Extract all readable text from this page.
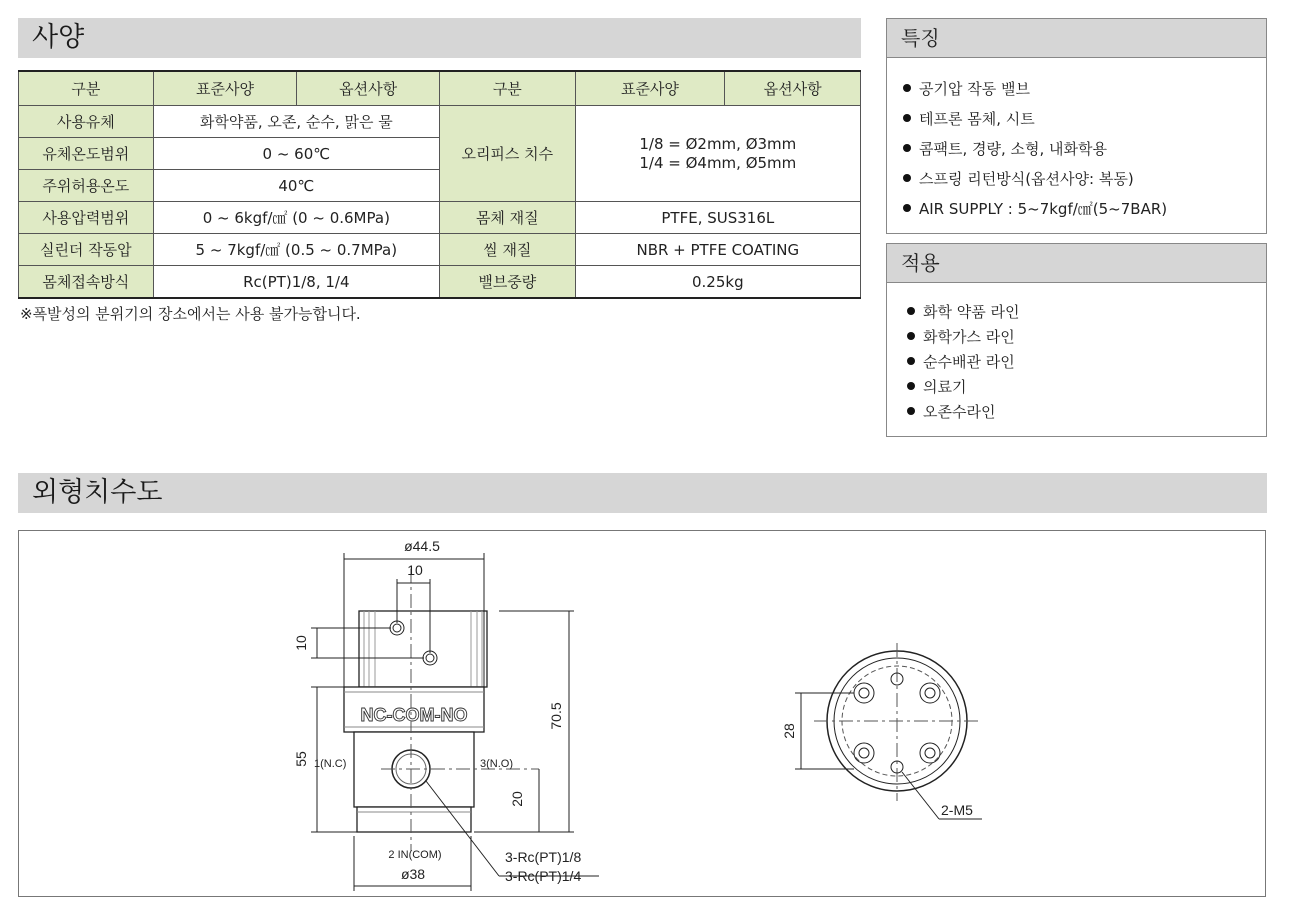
사양
구분	표준사양	옵션사항	구분	표준사양	옵션사항
사용유체	화학약품, 오존, 순수, 맑은 물		오리피스 치수	1/8 = Ø2mm, Ø3mm
1/4 = Ø4mm, Ø5mm	

유체온도범위	0 ~ 60℃				
주위허용온도	40℃				
사용압력범위	0 ~ 6kgf/㎠ (0 ~ 0.6MPa)		몸체 재질	PTFE, SUS316L	
실린더 작동압	5 ~ 7kgf/㎠ (0.5 ~ 0.7MPa)		씰 재질	NBR + PTFE COATING	
몸체접속방식	Rc(PT)1/8, 1/4		밸브중량	0.25kg	
※폭발성의 분위기의 장소에서는 사용 불가능합니다.
특징
공기압 작동 밸브
테프론 몸체, 시트
콤팩트, 경량, 소형, 내화학용
스프링 리턴방식(옵션사양: 복동)
AIR SUPPLY : 5~7kgf/㎠(5~7BAR)
적용
화학 약품 라인
화학가스 라인
순수배관 라인
의료기
오존수라인
외형치수도
ø44.5
10
10
55
70.5
20
1(N.C)	3(N.O)
2 IN(COM)
ø38
NC-COM-NO
3-Rc(PT)1/8
3-Rc(PT)1/4
28
2-M5
